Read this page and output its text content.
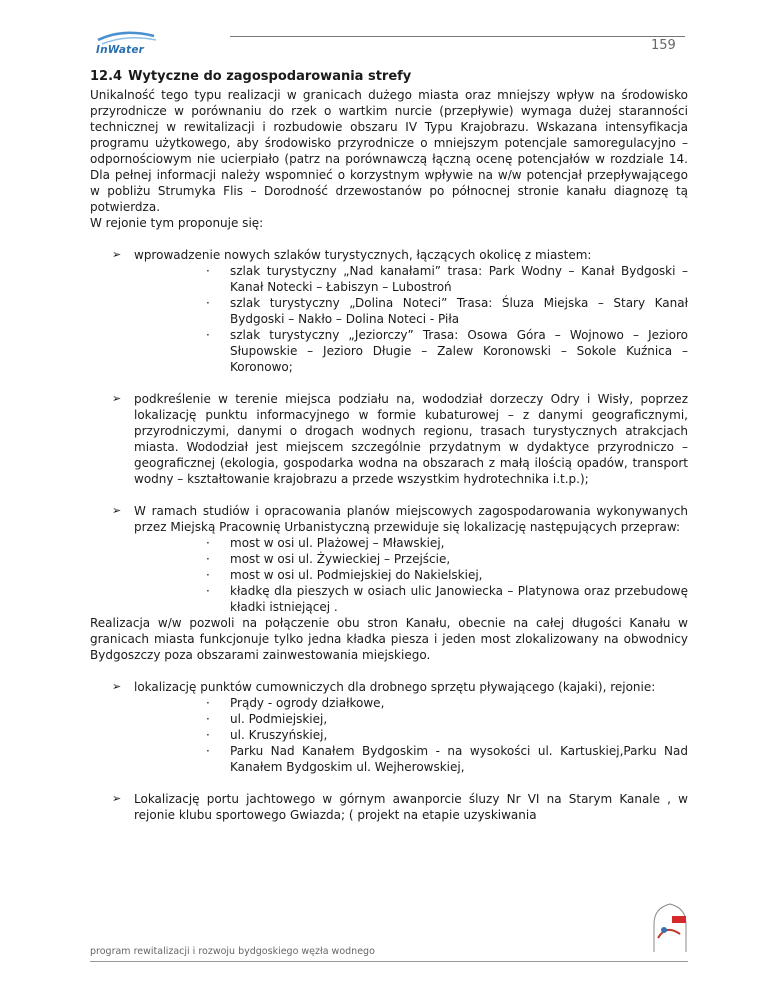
InWater	159
12.4 Wytyczne do zagospodarowania strefy

Unikalność tego typu realizacji w granicach dużego miasta oraz mniejszy wpływ na środowisko przyrodnicze w porównaniu do rzek o wartkim nurcie (przepływie) wymaga dużej staranności technicznej w rewitalizacji i rozbudowie obszaru IV Typu Krajobrazu. Wskazana intensyfikacja programu użytkowego, aby środowisko przyrodnicze o mniejszym potencjale samoregulacyjno – odpornościowym nie ucierpiało (patrz na porównawczą łączną ocenę potencjałów w rozdziale 14. Dla pełnej informacji należy wspomnieć o korzystnym wpływie na w/w potencjał przepływającego w pobliżu Strumyka Flis – Dorodność drzewostanów po północnej stronie kanału diagnozę tą potwierdza.

W rejonie tym proponuje się:

➢ wprowadzenie nowych szlaków turystycznych, łączących okolicę z miastem:
· szlak turystyczny „Nad kanałami” trasa: Park Wodny – Kanał Bydgoski – Kanał Notecki – Łabiszyn – Lubostroń
· szlak turystyczny „Dolina Noteci” Trasa: Śluza Miejska – Stary Kanał Bydgoski – Nakło – Dolina Noteci - Piła
· szlak turystyczny „Jeziorczy” Trasa: Osowa Góra – Wojnowo – Jezioro Słupowskie – Jezioro Długie – Zalew Koronowski – Sokole Kuźnica – Koronowo;
➢ podkreślenie w terenie miejsca podziału na, wododział dorzeczy Odry i Wisły, poprzez lokalizację punktu informacyjnego w formie kubaturowej – z danymi geograficznymi, przyrodniczymi, danymi o drogach wodnych regionu, trasach turystycznych atrakcjach miasta. Wododział jest miejscem szczególnie przydatnym w dydaktyce przyrodniczo – geograficznej (ekologia, gospodarka wodna na obszarach z małą ilością opadów, transport wodny – kształtowanie krajobrazu a przede wszystkim hydrotechnika i.t.p.);
➢ W ramach studiów i opracowania planów miejscowych zagospodarowania wykonywanych przez Miejską Pracownię Urbanistyczną przewiduje się lokalizację następujących przepraw:
· most w osi ul. Plażowej – Mławskiej,
· most w osi ul. Żywieckiej – Przejście,
· most w osi ul. Podmiejskiej do Nakielskiej,
· kładkę dla pieszych w osiach ulic Janowiecka – Platynowa oraz przebudowę kładki istniejącej .

Realizacja w/w pozwoli na połączenie obu stron Kanału, obecnie na całej długości Kanału w granicach miasta funkcjonuje tylko jedna kładka piesza i jeden most zlokalizowany na obwodnicy Bydgoszczy poza obszarami zainwestowania miejskiego.

➢ lokalizację punktów cumowniczych dla drobnego sprzętu pływającego (kajaki), rejonie:
· Prądy - ogrody działkowe,
· ul. Podmiejskiej,
· ul. Kruszyńskiej,
· Parku Nad Kanałem Bydgoskim - na wysokości ul. Kartuskiej,Parku Nad Kanałem Bydgoskim ul. Wejherowskiej,
➢ Lokalizację portu jachtowego w górnym awanporcie śluzy Nr VI na Starym Kanale , w rejonie klubu sportowego Gwiazda; ( projekt na etapie uzyskiwania
program rewitalizacji i rozwoju bydgoskiego węzła wodnego
